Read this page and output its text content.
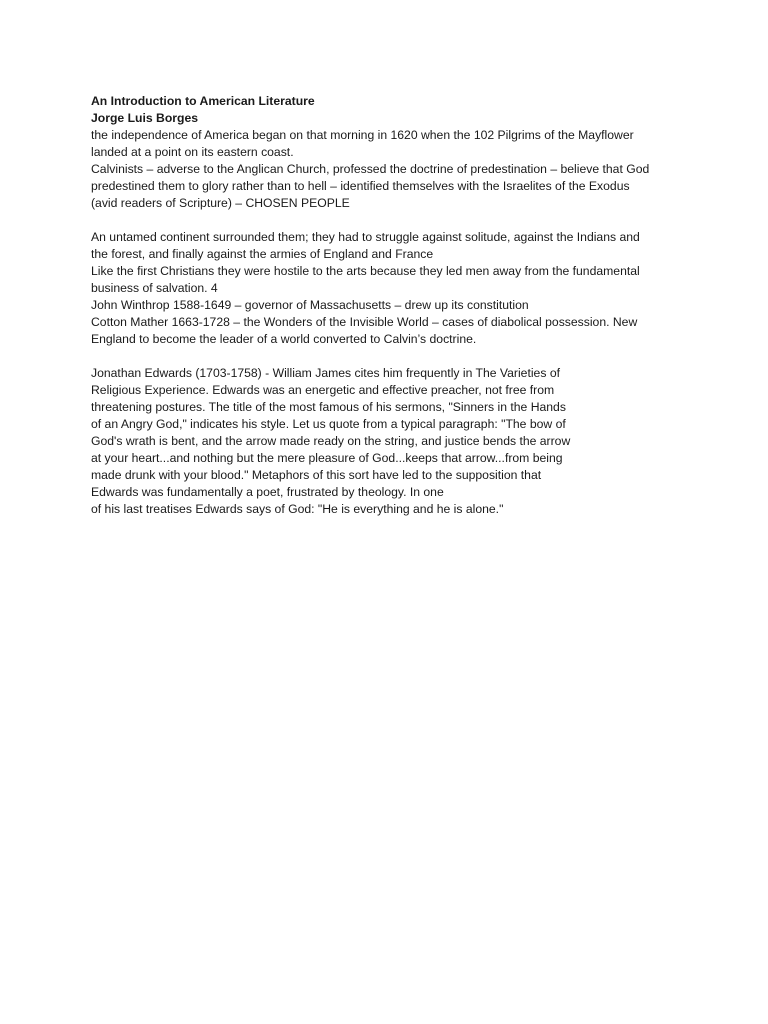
An Introduction to American Literature
Jorge Luis Borges
the independence of America began on that morning in 1620 when the 102 Pilgrims of the Mayflower
landed at a point on its eastern coast.
Calvinists – adverse to the Anglican Church, professed the doctrine of predestination – believe that God
predestined them to glory rather than to hell – identified themselves with the Israelites of the Exodus
(avid readers of Scripture) – CHOSEN PEOPLE
An untamed continent surrounded them; they had to struggle against solitude, against the Indians and
the forest, and finally against the armies of England and France
Like the first Christians they were hostile to the arts because they led men away from the fundamental
business of salvation. 4
John Winthrop 1588-1649 – governor of Massachusetts – drew up its constitution
Cotton Mather 1663-1728 – the Wonders of the Invisible World – cases of diabolical possession. New
England to become the leader of a world converted to Calvin’s doctrine.
Jonathan Edwards (1703-1758) - William James cites him frequently in The Varieties of
Religious Experience. Edwards was an energetic and effective preacher, not free from
threatening postures. The title of the most famous of his sermons, "Sinners in the Hands
of an Angry God," indicates his style. Let us quote from a typical paragraph: "The bow of
God's wrath is bent, and the arrow made ready on the string, and justice bends the arrow
at your heart...and nothing but the mere pleasure of God...keeps that arrow...from being
made drunk with your blood." Metaphors of this sort have led to the supposition that
Edwards was fundamentally a poet, frustrated by theology. In one
of his last treatises Edwards says of God: "He is everything and he is alone."
